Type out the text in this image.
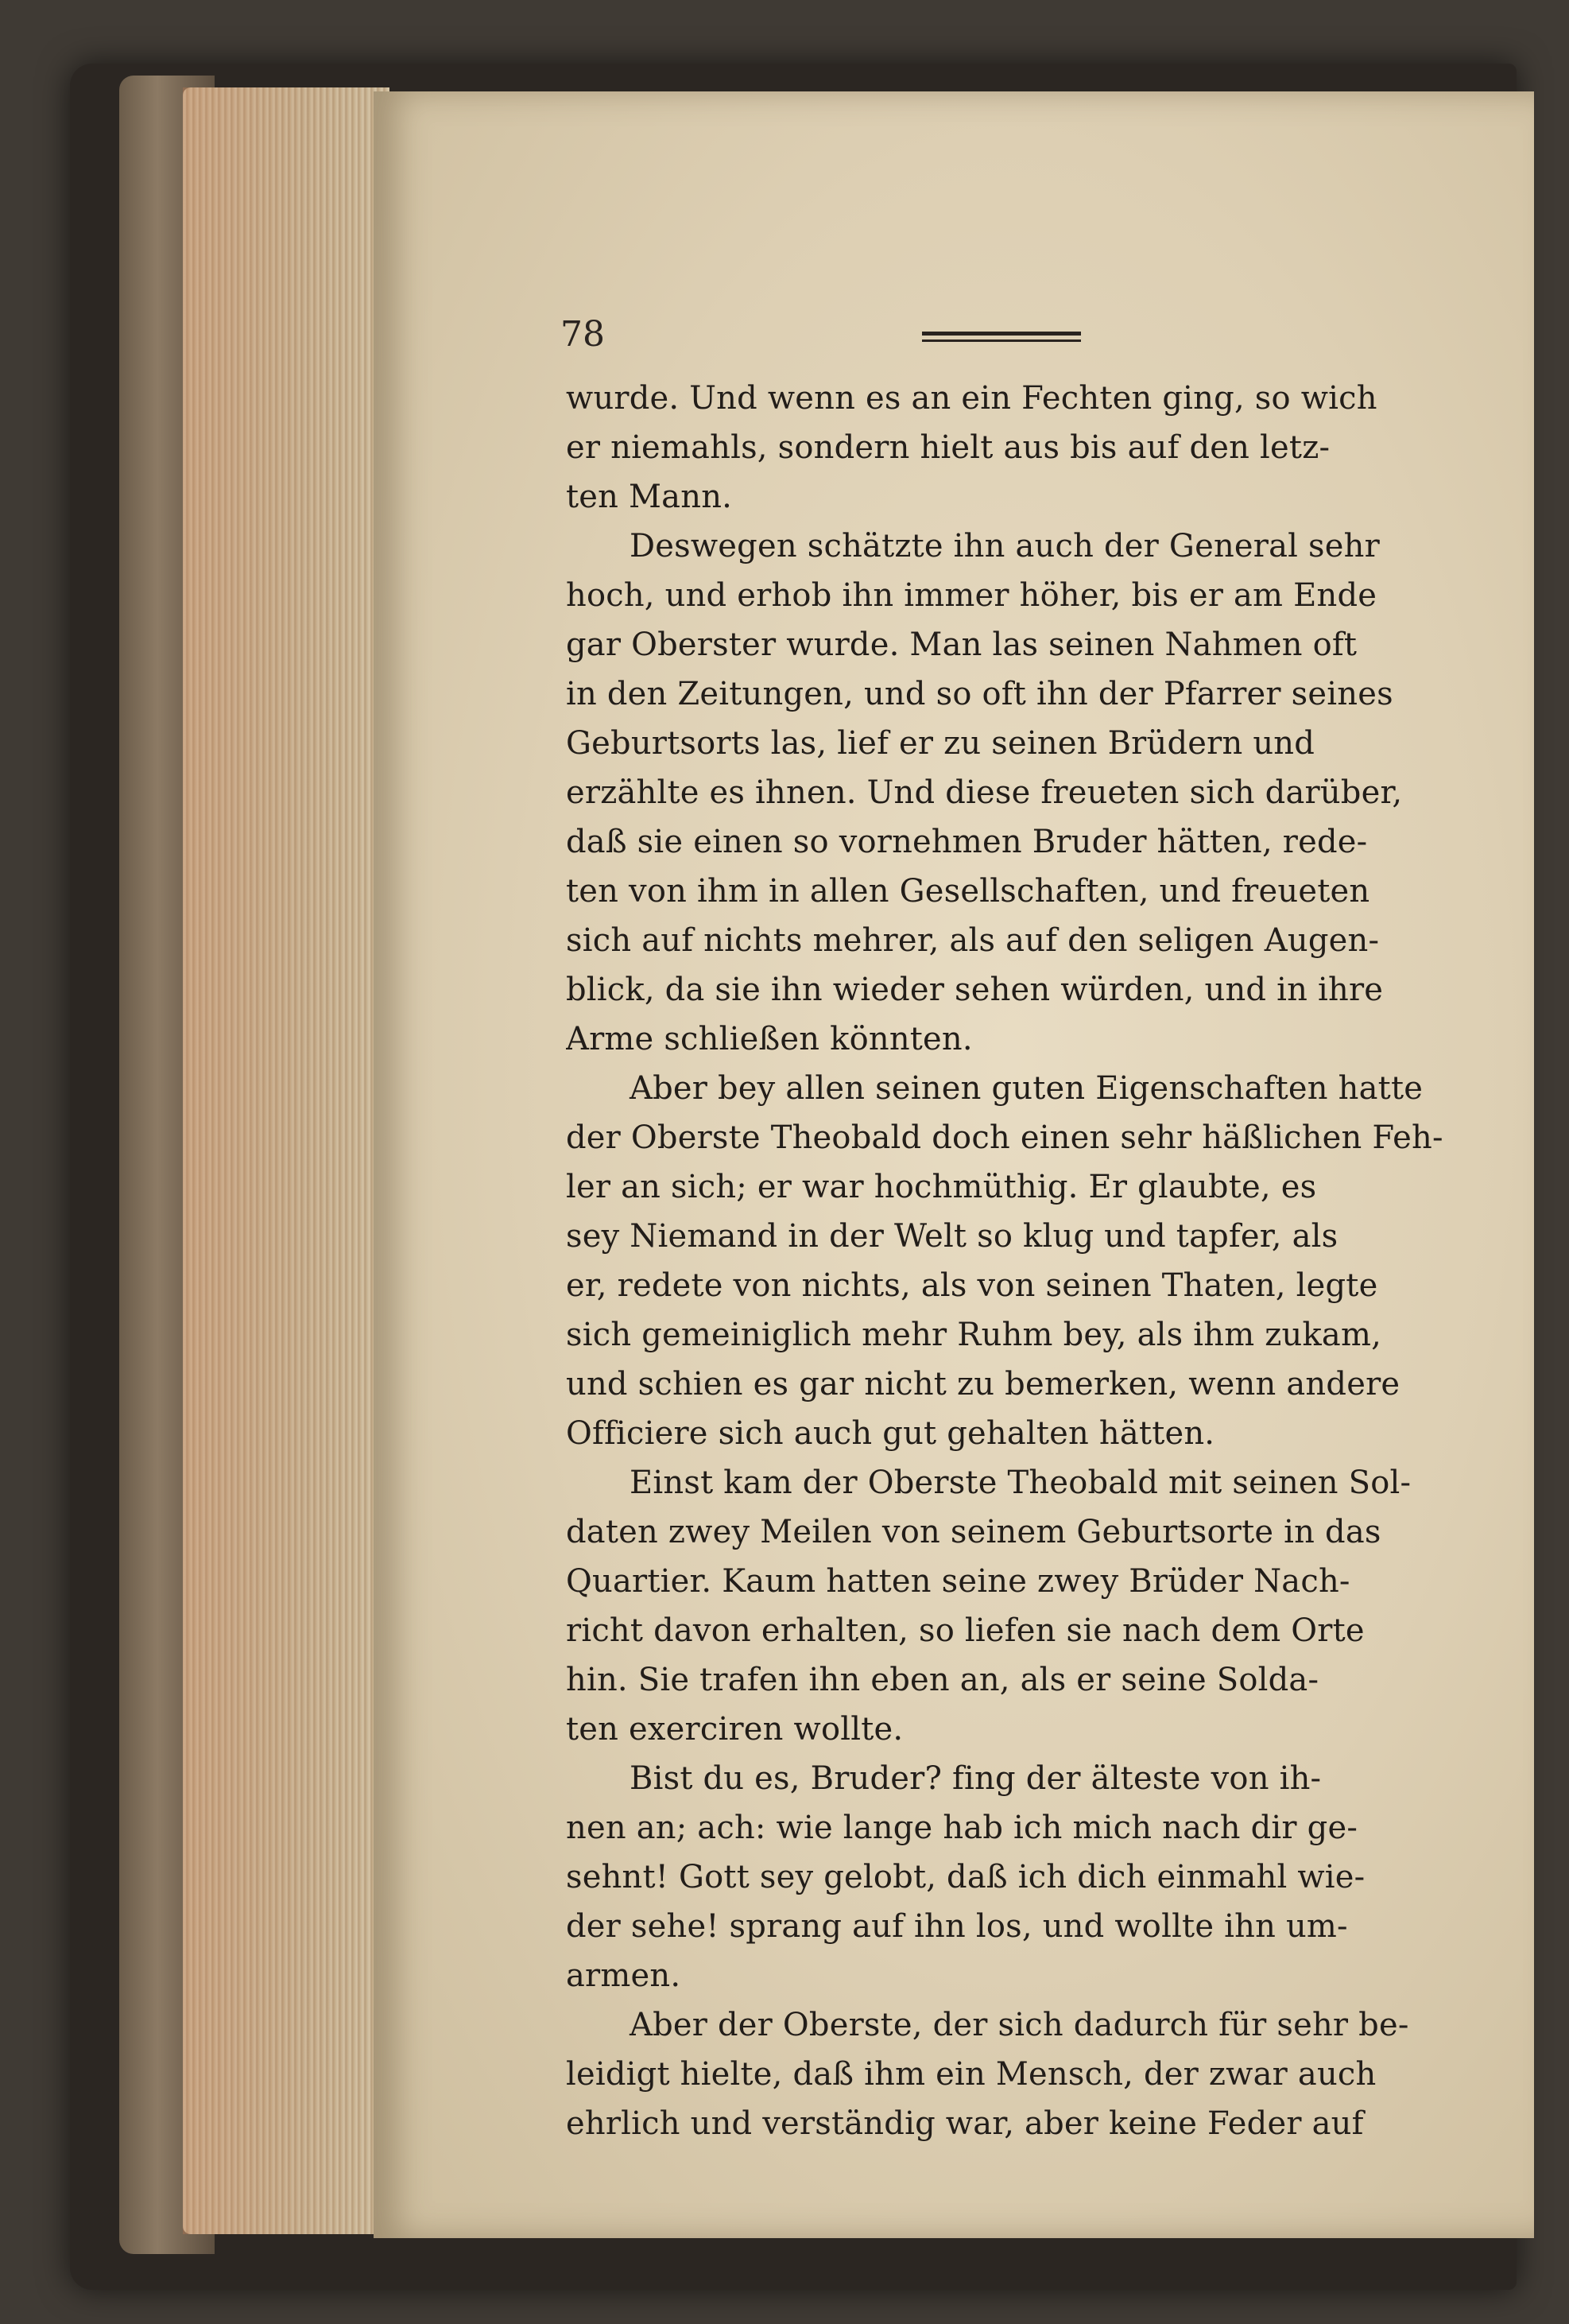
78
wurde. Und wenn es an ein Fechten ging, so wich
er niemahls, sondern hielt aus bis auf den letz-
ten Mann.
Deswegen schätzte ihn auch der General sehr
hoch, und erhob ihn immer höher, bis er am Ende
gar Oberster wurde. Man las seinen Nahmen oft
in den Zeitungen, und so oft ihn der Pfarrer seines
Geburtsorts las, lief er zu seinen Brüdern und
erzählte es ihnen. Und diese freueten sich darüber,
daß sie einen so vornehmen Bruder hätten, rede-
ten von ihm in allen Gesellschaften, und freueten
sich auf nichts mehrer, als auf den seligen Augen-
blick, da sie ihn wieder sehen würden, und in ihre
Arme schließen könnten.
Aber bey allen seinen guten Eigenschaften hatte
der Oberste Theobald doch einen sehr häßlichen Feh-
ler an sich; er war hochmüthig. Er glaubte, es
sey Niemand in der Welt so klug und tapfer, als
er, redete von nichts, als von seinen Thaten, legte
sich gemeiniglich mehr Ruhm bey, als ihm zukam,
und schien es gar nicht zu bemerken, wenn andere
Officiere sich auch gut gehalten hätten.
Einst kam der Oberste Theobald mit seinen Sol-
daten zwey Meilen von seinem Geburtsorte in das
Quartier. Kaum hatten seine zwey Brüder Nach-
richt davon erhalten, so liefen sie nach dem Orte
hin. Sie trafen ihn eben an, als er seine Solda-
ten exerciren wollte.
Bist du es, Bruder? fing der älteste von ih-
nen an; ach: wie lange hab ich mich nach dir ge-
sehnt! Gott sey gelobt, daß ich dich einmahl wie-
der sehe! sprang auf ihn los, und wollte ihn um-
armen.
Aber der Oberste, der sich dadurch für sehr be-
leidigt hielte, daß ihm ein Mensch, der zwar auch
ehrlich und verständig war, aber keine Feder auf
